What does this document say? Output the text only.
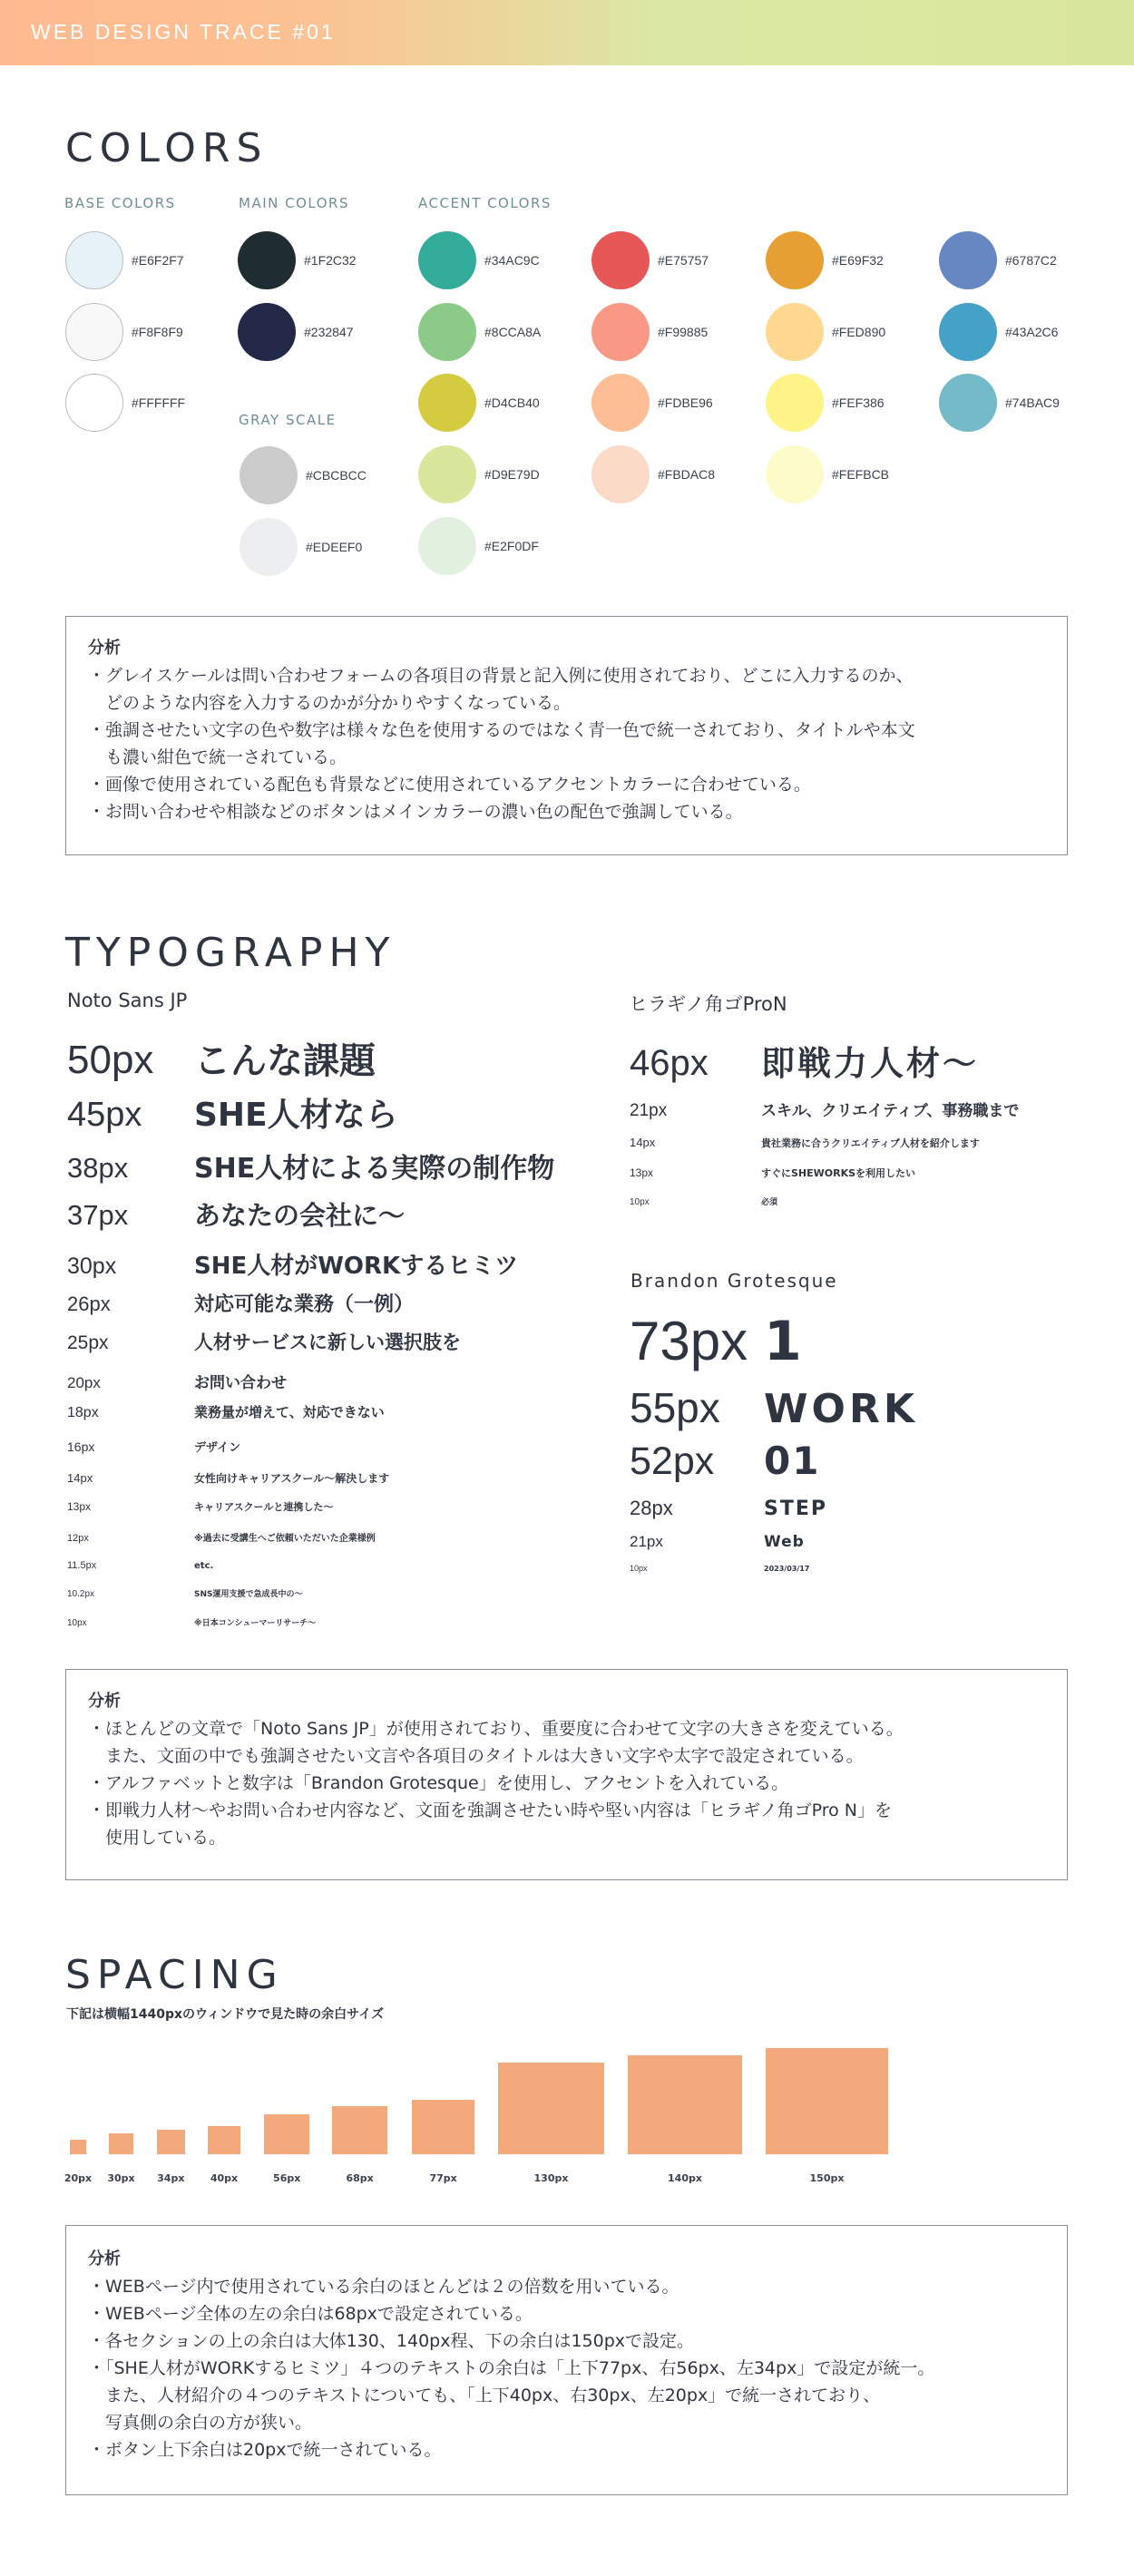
WEB DESIGN TRACE #01
COLORS
BASE COLORS	MAIN COLORS	ACCENT COLORS
GRAY SCALE
#E6F2F7
#F8F8F9
#FFFFFF
#1F2C32
#232847
#CBCBCC
#EDEEF0
#34AC9C
#8CCA8A
#D4CB40
#D9E79D
#E2F0DF
#E75757
#F99885
#FDBE96
#FBDAC8
#E69F32
#FED890
#FEF386
#FEFBCB
#6787C2
#43A2C6
#74BAC9
分析

・グレイスケールは問い合わせフォームの各項目の背景と記入例に使用されており、どこに入力するのか、

　どのような内容を入力するのかが分かりやすくなっている。

・強調させたい文字の色や数字は様々な色を使用するのではなく青一色で統一されており、タイトルや本文

　も濃い紺色で統一されている。

・画像で使用されている配色も背景などに使用されているアクセントカラーに合わせている。

・お問い合わせや相談などのボタンはメインカラーの濃い色の配色で強調している。

TYPOGRAPHY
Noto Sans JP	ヒラギノ角ゴProN
Brandon Grotesque
50px	こんな課題
45px	SHE人材なら
38px	SHE人材による実際の制作物
37px	あなたの会社に〜
30px	SHE人材がWORKするヒミツ
26px	対応可能な業務（一例）
25px	人材サービスに新しい選択肢を
20px	お問い合わせ
18px	業務量が増えて、対応できない
16px	デザイン
14px	女性向けキャリアスクール〜解決します
13px	キャリアスクールと連携した〜
12px	※過去に受講生へご依頼いただいた企業様例
11.5px	etc.
10.2px	SNS運用支援で急成長中の〜
10px	※日本コンシューマーリサーチ〜
46px	即戦力人材〜
21px	スキル、クリエイティブ、事務職まで
14px	貴社業務に合うクリエイティブ人材を紹介します
13px	すぐにSHEWORKSを利用したい
10px	必須
73px 1
55px	WORK
52px	01
28px	STEP
21px	Web
10px	2023/03/17
分析

・ほとんどの文章で「Noto Sans JP」が使用されており、重要度に合わせて文字の大きさを変えている。

　また、文面の中でも強調させたい文言や各項目のタイトルは大きい文字や太字で設定されている。

・アルファベットと数字は「Brandon Grotesque」を使用し、アクセントを入れている。

・即戦力人材〜やお問い合わせ内容など、文面を強調させたい時や堅い内容は「ヒラギノ角ゴPro N」を

　使用している。

SPACING
下記は横幅1440pxのウィンドウで見た時の余白サイズ
20px	30px	34px	40px	56px	68px	77px	130px	140px	150px
分析

・WEBページ内で使用されている余白のほとんどは２の倍数を用いている。

・WEBページ全体の左の余白は68pxで設定されている。

・各セクションの上の余白は大体130、140px程、下の余白は150pxで設定。

・「SHE人材がWORKするヒミツ」４つのテキストの余白は「上下77px、右56px、左34px」で設定が統一。

　また、人材紹介の４つのテキストについても、「上下40px、右30px、左20px」で統一されており、

　写真側の余白の方が狭い。

・ボタン上下余白は20pxで統一されている。
